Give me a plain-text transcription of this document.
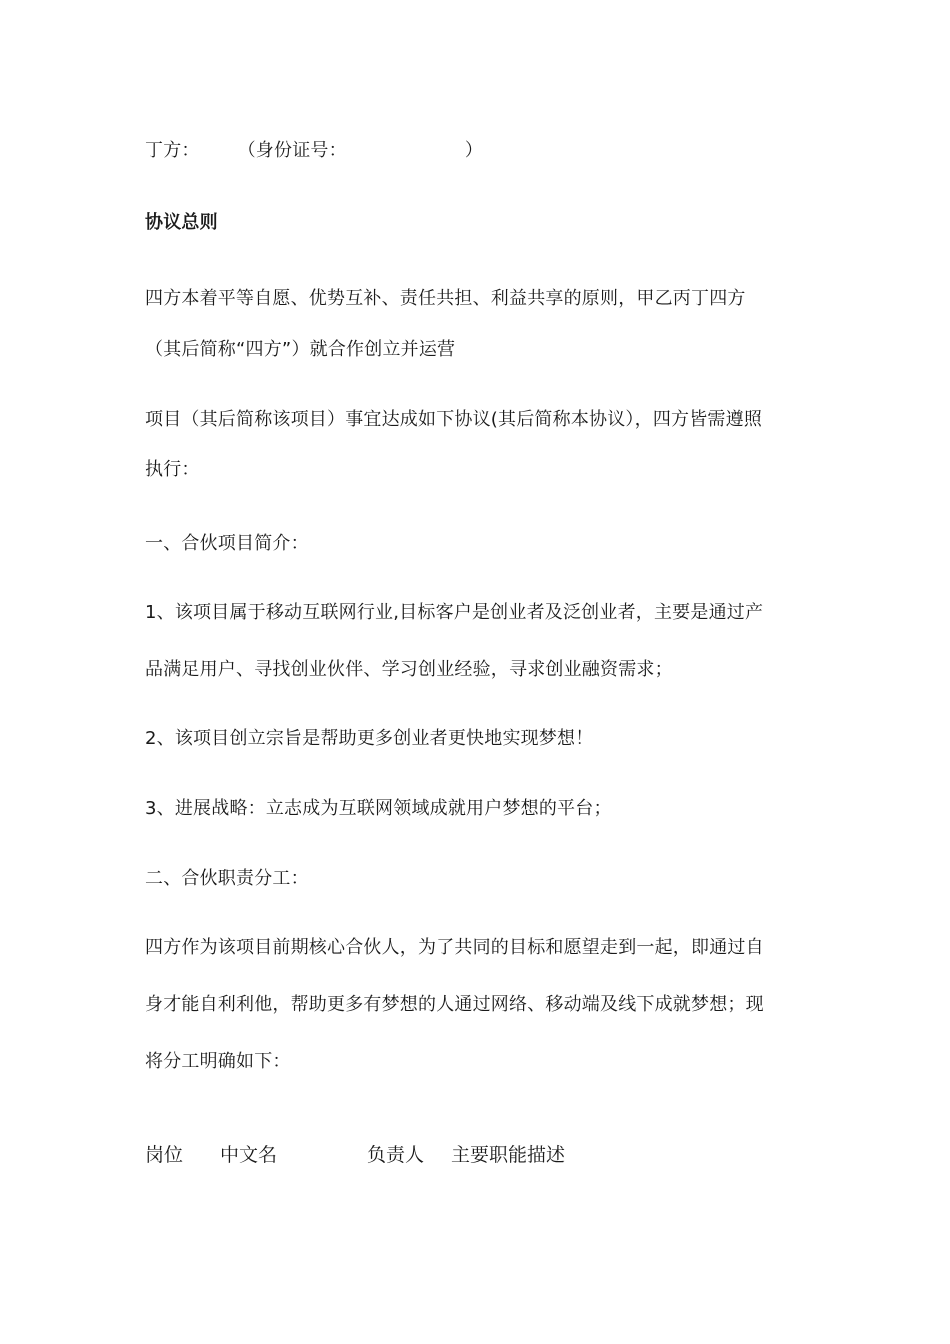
丁方： （身份证号：	）
协议总则
四方本着平等自愿、优势互补、责任共担、利益共享的原则，甲乙丙丁四方
（其后简称“四方”）就合作创立并运营
项目（其后简称该项目）事宜达成如下协议(其后简称本协议），四方皆需遵照
执行：
一、合伙项目简介：
1、该项目属于移动互联网行业,目标客户是创业者及泛创业者，主要是通过产
品满足用户、寻找创业伙伴、学习创业经验，寻求创业融资需求；
2、该项目创立宗旨是帮助更多创业者更快地实现梦想！
3、进展战略：立志成为互联网领域成就用户梦想的平台；
二、合伙职责分工：
四方作为该项目前期核心合伙人，为了共同的目标和愿望走到一起，即通过自
身才能自利利他，帮助更多有梦想的人通过网络、移动端及线下成就梦想；现
将分工明确如下：
岗位 中文名	负责人 主要职能描述
